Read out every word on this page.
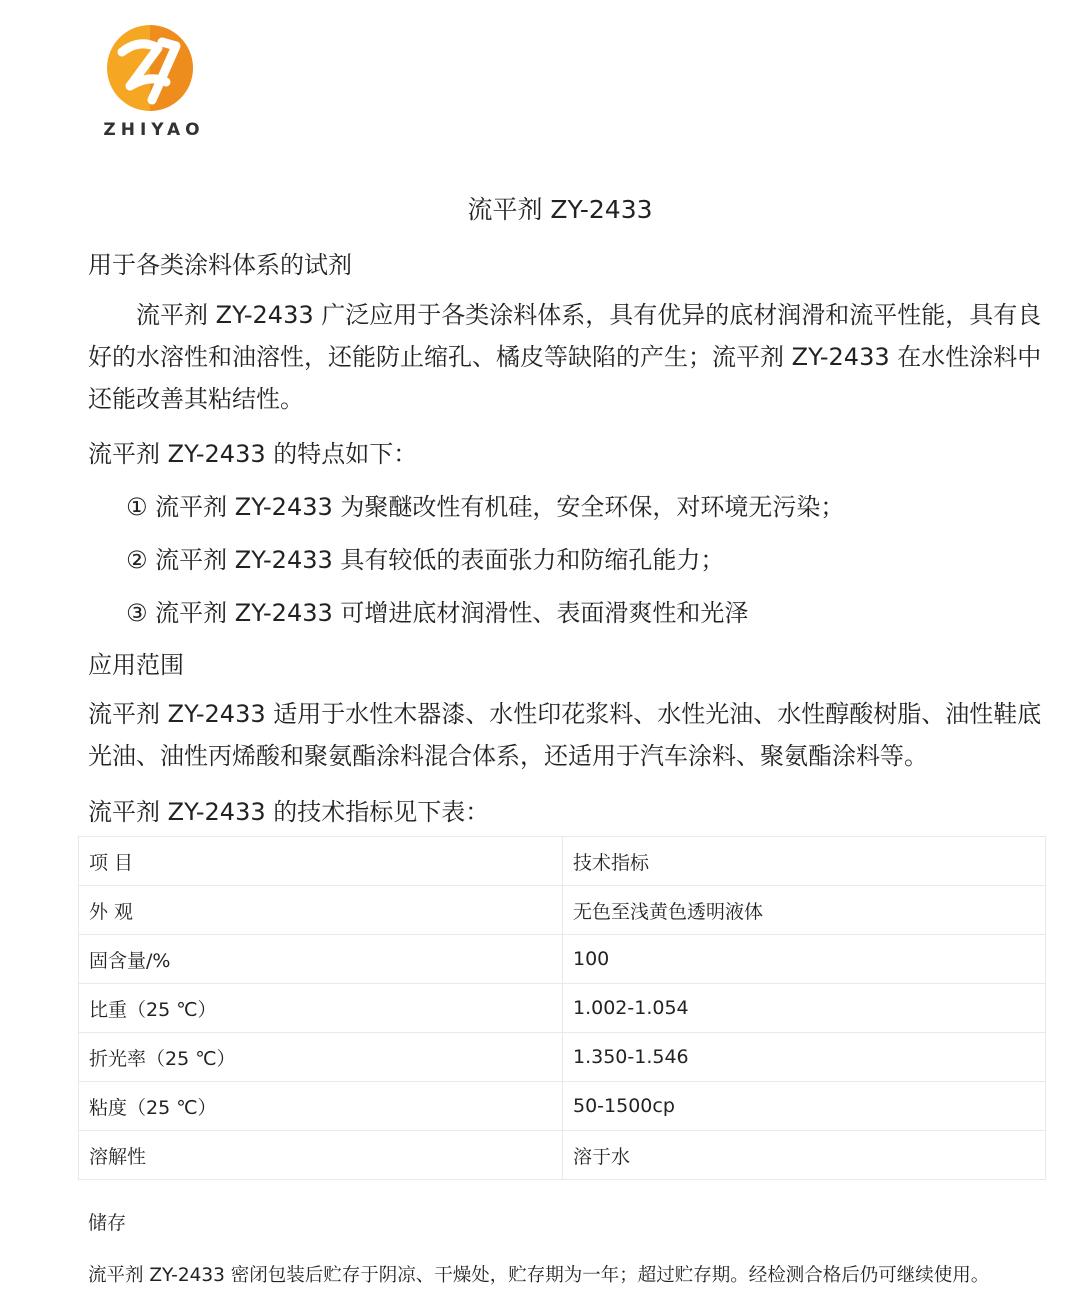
ZHIYAO
流平剂 ZY-2433
用于各类涂料体系的试剂
流平剂 ZY-2433 广泛应用于各类涂料体系，具有优异的底材润滑和流平性能，具有良好的水溶性和油溶性，还能防止缩孔、橘皮等缺陷的产生；流平剂 ZY-2433 在水性涂料中还能改善其粘结性。
流平剂 ZY-2433 的特点如下：
① 流平剂 ZY-2433 为聚醚改性有机硅，安全环保，对环境无污染；
② 流平剂 ZY-2433 具有较低的表面张力和防缩孔能力；
③ 流平剂 ZY-2433 可增进底材润滑性、表面滑爽性和光泽
应用范围
流平剂 ZY-2433 适用于水性木器漆、水性印花浆料、水性光油、水性醇酸树脂、油性鞋底光油、油性丙烯酸和聚氨酯涂料混合体系，还适用于汽车涂料、聚氨酯涂料等。
流平剂 ZY-2433 的技术指标见下表：
项 目	技术指标
外 观	无色至浅黄色透明液体
固含量/%	100
比重（25 ℃）	1.002-1.054
折光率（25 ℃）	1.350-1.546
粘度（25 ℃）	50-1500cp
溶解性	溶于水
储存
流平剂 ZY-2433 密闭包装后贮存于阴凉、干燥处，贮存期为一年；超过贮存期。经检测合格后仍可继续使用。
